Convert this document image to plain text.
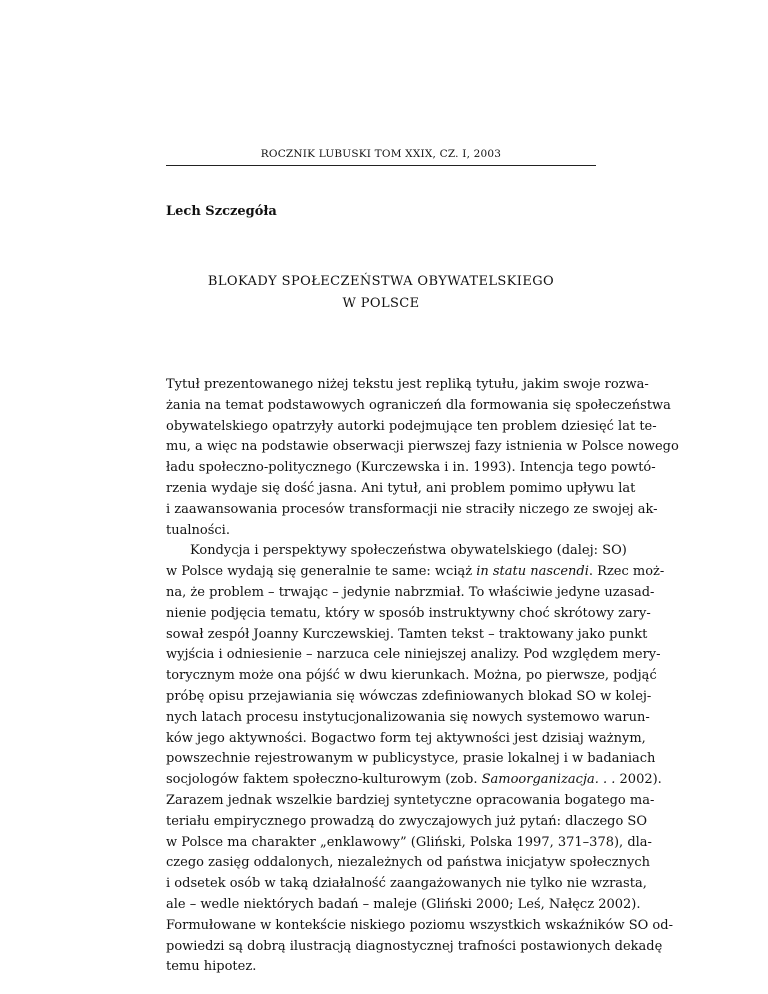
ROCZNIK LUBUSKI TOM XXIX, CZ. I, 2003
Lech Szczegóła
BLOKADY SPOŁECZEŃSTWA OBYWATELSKIEGO
W POLSCE
Tytuł prezentowanego niżej tekstu jest repliką tytułu, jakim swoje rozwa-
żania na temat podstawowych ograniczeń dla formowania się społeczeństwa
obywatelskiego opatrzyły autorki podejmujące ten problem dziesięć lat te-
mu, a więc na podstawie obserwacji pierwszej fazy istnienia w Polsce nowego
ładu społeczno-politycznego (Kurczewska i in. 1993). Intencja tego powtó-
rzenia wydaje się dość jasna. Ani tytuł, ani problem pomimo upływu lat
i zaawansowania procesów transformacji nie straciły niczego ze swojej ak-
tualności.
Kondycja i perspektywy społeczeństwa obywatelskiego (dalej: SO)
w Polsce wydają się generalnie te same: wciąż in statu nascendi. Rzec moż-
na, że problem – trwając – jedynie nabrzmiał. To właściwie jedyne uzasad-
nienie podjęcia tematu, który w sposób instruktywny choć skrótowy zary-
sował zespół Joanny Kurczewskiej. Tamten tekst – traktowany jako punkt
wyjścia i odniesienie – narzuca cele niniejszej analizy. Pod względem mery-
torycznym może ona pójść w dwu kierunkach. Można, po pierwsze, podjąć
próbę opisu przejawiania się wówczas zdefiniowanych blokad SO w kolej-
nych latach procesu instytucjonalizowania się nowych systemowo warun-
ków jego aktywności. Bogactwo form tej aktywności jest dzisiaj ważnym,
powszechnie rejestrowanym w publicystyce, prasie lokalnej i w badaniach
socjologów faktem społeczno-kulturowym (zob. Samoorganizacja. . . 2002).
Zarazem jednak wszelkie bardziej syntetyczne opracowania bogatego ma-
teriału empirycznego prowadzą do zwyczajowych już pytań: dlaczego SO
w Polsce ma charakter „enklawowy” (Gliński, Polska 1997, 371–378), dla-
czego zasięg oddalonych, niezależnych od państwa inicjatyw społecznych
i odsetek osób w taką działalność zaangażowanych nie tylko nie wzrasta,
ale – wedle niektórych badań – maleje (Gliński 2000; Leś, Nałęcz 2002).
Formułowane w kontekście niskiego poziomu wszystkich wskaźników SO od-
powiedzi są dobrą ilustracją diagnostycznej trafności postawionych dekadę
temu hipotez.
